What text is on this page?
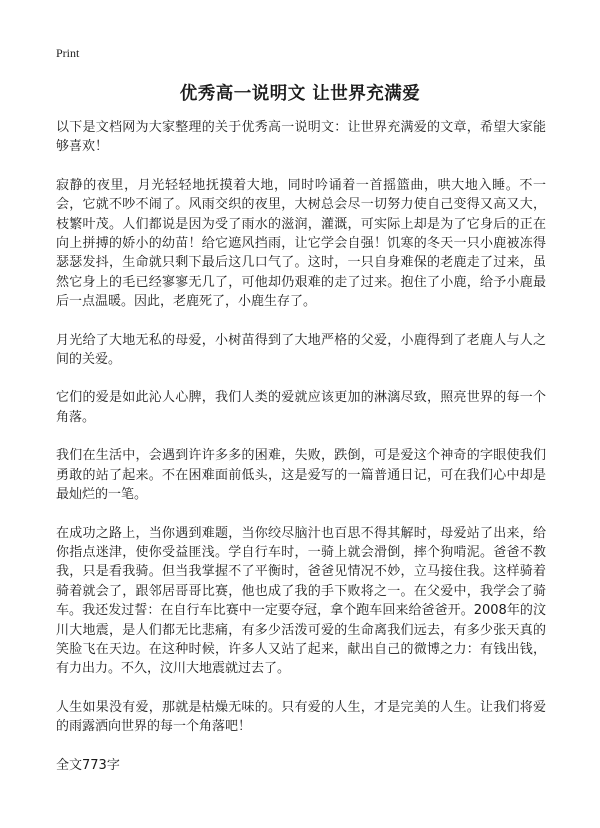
Print
优秀高一说明文 让世界充满爱

以下是文档网为大家整理的关于优秀高一说明文：让世界充满爱的文章，希望大家能够喜欢！

寂静的夜里，月光轻轻地抚摸着大地，同时吟诵着一首摇篮曲，哄大地入睡。不一会，它就不吵不闹了。风雨交织的夜里，大树总会尽一切努力使自己变得又高又大，枝繁叶茂。人们都说是因为受了雨水的滋润，灌溉，可实际上却是为了它身后的正在向上拼搏的娇小的幼苗！给它遮风挡雨，让它学会自强！饥寒的冬天一只小鹿被冻得瑟瑟发抖，生命就只剩下最后这几口气了。这时，一只自身难保的老鹿走了过来，虽然它身上的毛已经寥寥无几了，可他却仍艰难的走了过来。抱住了小鹿，给予小鹿最后一点温暖。因此，老鹿死了，小鹿生存了。

月光给了大地无私的母爱，小树苗得到了大地严格的父爱，小鹿得到了老鹿人与人之间的关爱。

它们的爱是如此沁人心脾，我们人类的爱就应该更加的淋漓尽致，照亮世界的每一个角落。

我们在生活中，会遇到许许多多的困难，失败，跌倒，可是爱这个神奇的字眼使我们勇敢的站了起来。不在困难面前低头，这是爱写的一篇普通日记，可在我们心中却是最灿烂的一笔。

在成功之路上，当你遇到难题，当你绞尽脑汁也百思不得其解时，母爱站了出来，给你指点迷津，使你受益匪浅。学自行车时，一骑上就会滑倒，摔个狗啃泥。爸爸不教我，只是看我骑。但当我掌握不了平衡时，爸爸见情况不妙，立马接住我。这样骑着骑着就会了，跟邻居哥哥比赛，他也成了我的手下败将之一。在父爱中，我学会了骑车。我还发过誓：在自行车比赛中一定要夺冠，拿个跑车回来给爸爸开。2008年的汶川大地震，是人们都无比悲痛，有多少活泼可爱的生命离我们远去，有多少张天真的笑脸飞在天边。在这种时候，许多人又站了起来，献出自己的微博之力：有钱出钱，有力出力。不久，汶川大地震就过去了。

人生如果没有爱，那就是枯燥无味的。只有爱的人生，才是完美的人生。让我们将爱的雨露洒向世界的每一个角落吧！

全文773字
